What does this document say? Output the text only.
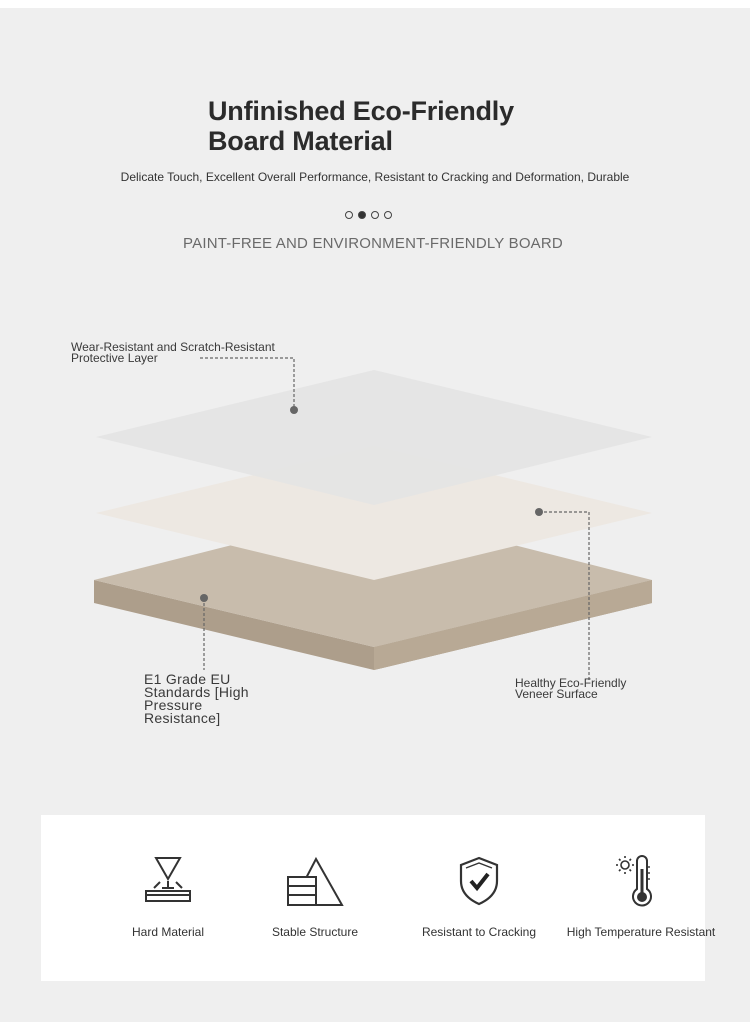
Unfinished Eco-Friendly
Board Material
Delicate Touch, Excellent Overall Performance, Resistant to Cracking and Deformation, Durable
PAINT-FREE AND ENVIRONMENT-FRIENDLY BOARD
Wear-Resistant and Scratch-Resistant Protective Layer
E1 Grade EU Standards [High Pressure Resistance]
Healthy Eco-Friendly Veneer Surface
Hard Material	Stable Structure	Resistant to Cracking	High Temperature Resistant
